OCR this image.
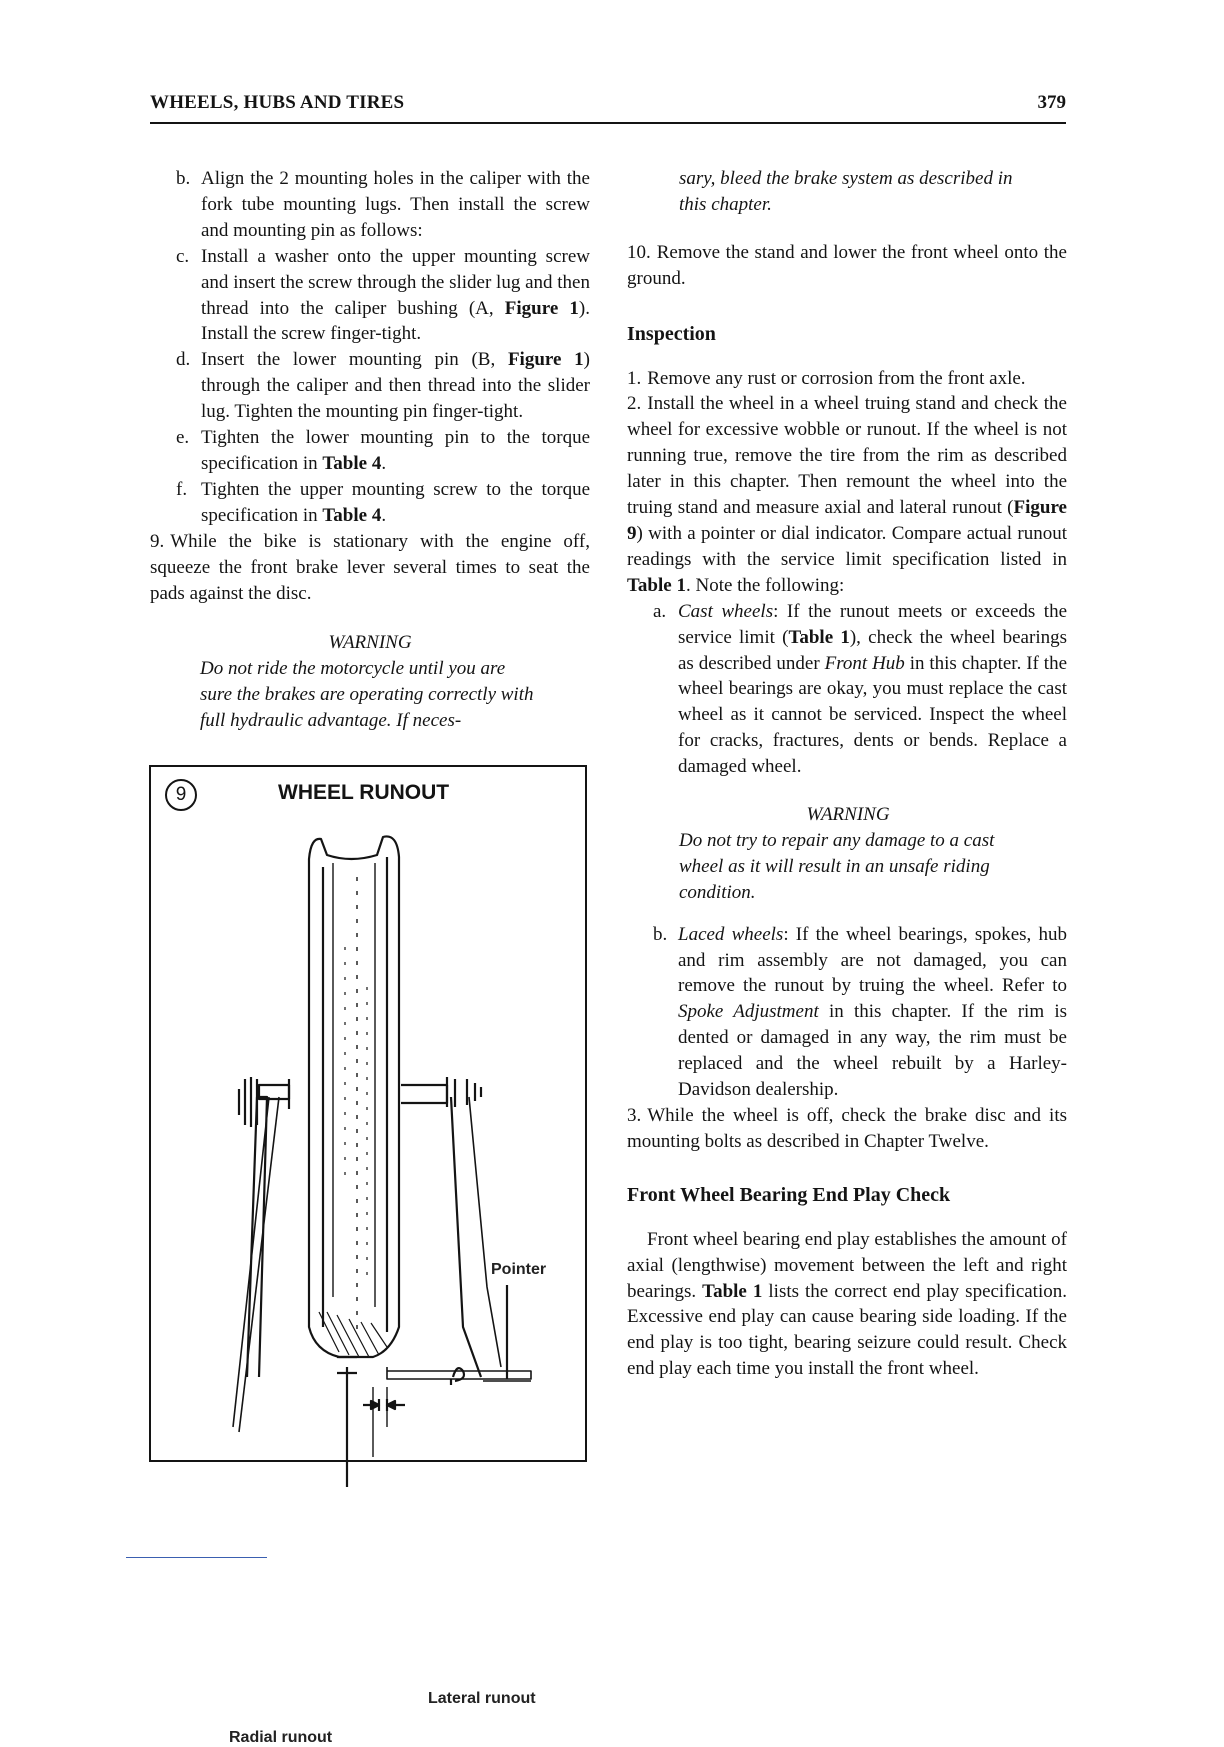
WHEELS, HUBS AND TIRES	379

b. Align the 2 mounting holes in the caliper with the fork tube mounting lugs. Then install the screw and mounting pin as follows:

c. Install a washer onto the upper mounting screw and insert the screw through the slider lug and then thread into the caliper bushing (A, Figure 1). Install the screw finger-tight.

d. Insert the lower mounting pin (B, Figure 1) through the caliper and then thread into the slider lug. Tighten the mounting pin finger-tight.

e. Tighten the lower mounting pin to the torque specification in Table 4.

f. Tighten the upper mounting screw to the torque specification in Table 4.

9. While the bike is stationary with the engine off, squeeze the front brake lever several times to seat the pads against the disc.

WARNING
Do not ride the motorcycle until you are sure the brakes are operating correctly with full hydraulic advantage. If neces-
9	WHEEL RUNOUT
Pointer
Lateral runout
Radial runout
sary, bleed the brake system as described in this chapter.

10. Remove the stand and lower the front wheel onto the ground.

Inspection

1. Remove any rust or corrosion from the front axle.

2. Install the wheel in a wheel truing stand and check the wheel for excessive wobble or runout. If the wheel is not running true, remove the tire from the rim as described later in this chapter. Then remount the wheel into the truing stand and measure axial and lateral runout (Figure 9) with a pointer or dial indicator. Compare actual runout readings with the service limit specification listed in Table 1. Note the following:

a. Cast wheels: If the runout meets or exceeds the service limit (Table 1), check the wheel bearings as described under Front Hub in this chapter. If the wheel bearings are okay, you must replace the cast wheel as it cannot be serviced. Inspect the wheel for cracks, fractures, dents or bends. Replace a damaged wheel.

WARNING
Do not try to repair any damage to a cast wheel as it will result in an unsafe riding condition.

b. Laced wheels: If the wheel bearings, spokes, hub and rim assembly are not damaged, you can remove the runout by truing the wheel. Refer to Spoke Adjustment in this chapter. If the rim is dented or damaged in any way, the rim must be replaced and the wheel rebuilt by a Harley-Davidson dealership.

3. While the wheel is off, check the brake disc and its mounting bolts as described in Chapter Twelve.

Front Wheel Bearing End Play Check

Front wheel bearing end play establishes the amount of axial (lengthwise) movement between the left and right bearings. Table 1 lists the correct end play specification. Excessive end play can cause bearing side loading. If the end play is too tight, bearing seizure could result. Check end play each time you install the front wheel.
